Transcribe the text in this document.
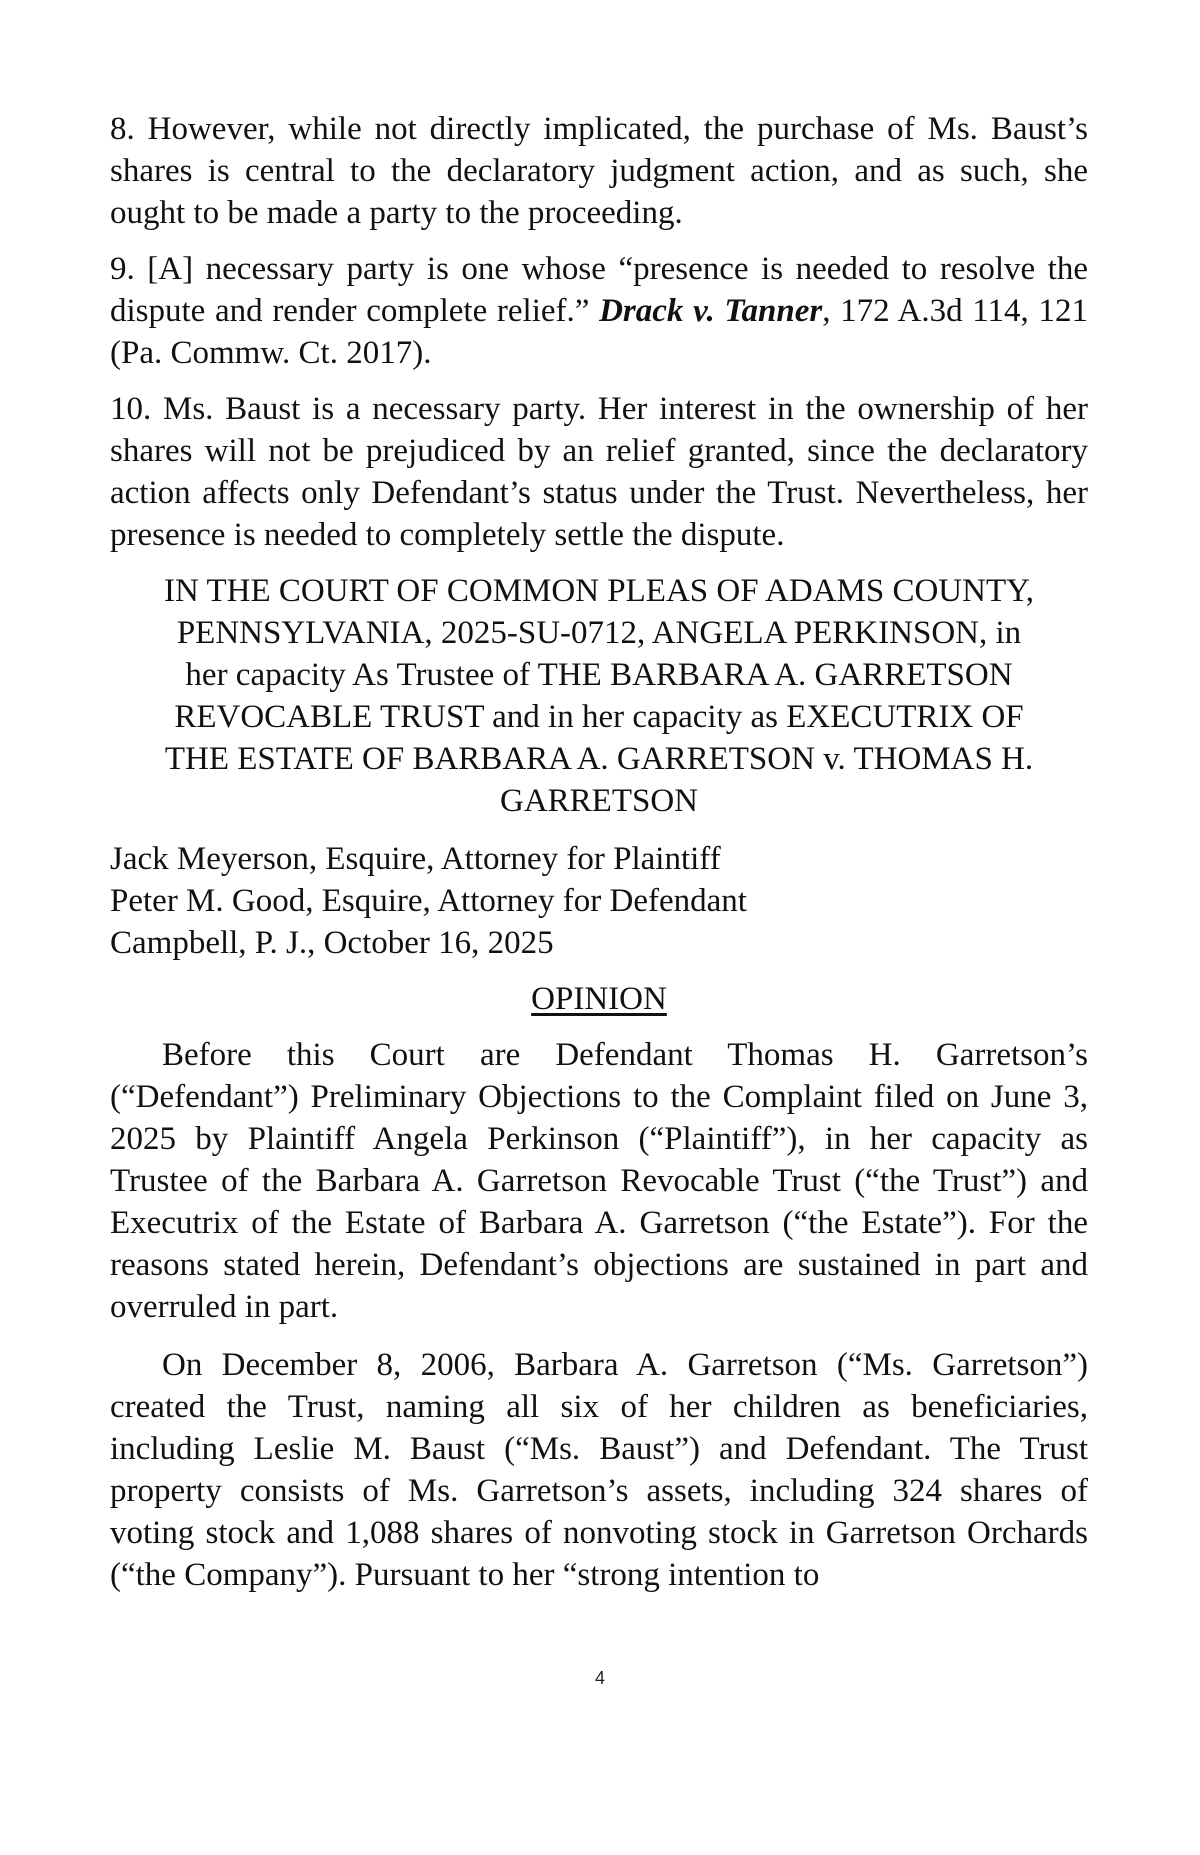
8. However, while not directly implicated, the purchase of Ms. Baust’s shares is central to the declaratory judgment action, and as such, she ought to be made a party to the proceeding.

9. [A] necessary party is one whose “presence is needed to resolve the dispute and render complete relief.” Drack v. Tanner, 172 A.3d 114, 121 (Pa. Commw. Ct. 2017).

10. Ms. Baust is a necessary party. Her interest in the ownership of her shares will not be prejudiced by an relief granted, since the declaratory action affects only Defendant’s status under the Trust. Nevertheless, her presence is needed to completely settle the dispute.

IN THE COURT OF COMMON PLEAS OF ADAMS COUNTY,
PENNSYLVANIA, 2025-SU-0712, ANGELA PERKINSON, in
her capacity As Trustee of THE BARBARA A. GARRETSON
REVOCABLE TRUST and in her capacity as EXECUTRIX OF
THE ESTATE OF BARBARA A. GARRETSON v. THOMAS H.
GARRETSON
Jack Meyerson, Esquire, Attorney for Plaintiff
Peter M. Good, Esquire, Attorney for Defendant
Campbell, P. J., October 16, 2025
OPINION

Before this Court are Defendant Thomas H. Garretson’s (“Defendant”) Preliminary Objections to the Complaint filed on June 3, 2025 by Plaintiff Angela Perkinson (“Plaintiff”), in her capacity as Trustee of the Barbara A. Garretson Revocable Trust (“the Trust”) and Executrix of the Estate of Barbara A. Garretson (“the Estate”). For the reasons stated herein, Defendant’s objections are sustained in part and overruled in part.

On December 8, 2006, Barbara A. Garretson (“Ms. Garretson”) created the Trust, naming all six of her children as beneficiaries, including Leslie M. Baust (“Ms. Baust”) and Defendant. The Trust property consists of Ms. Garretson’s assets, including 324 shares of voting stock and 1,088 shares of nonvoting stock in Garretson Orchards (“the Company”). Pursuant to her “strong intention to

4
